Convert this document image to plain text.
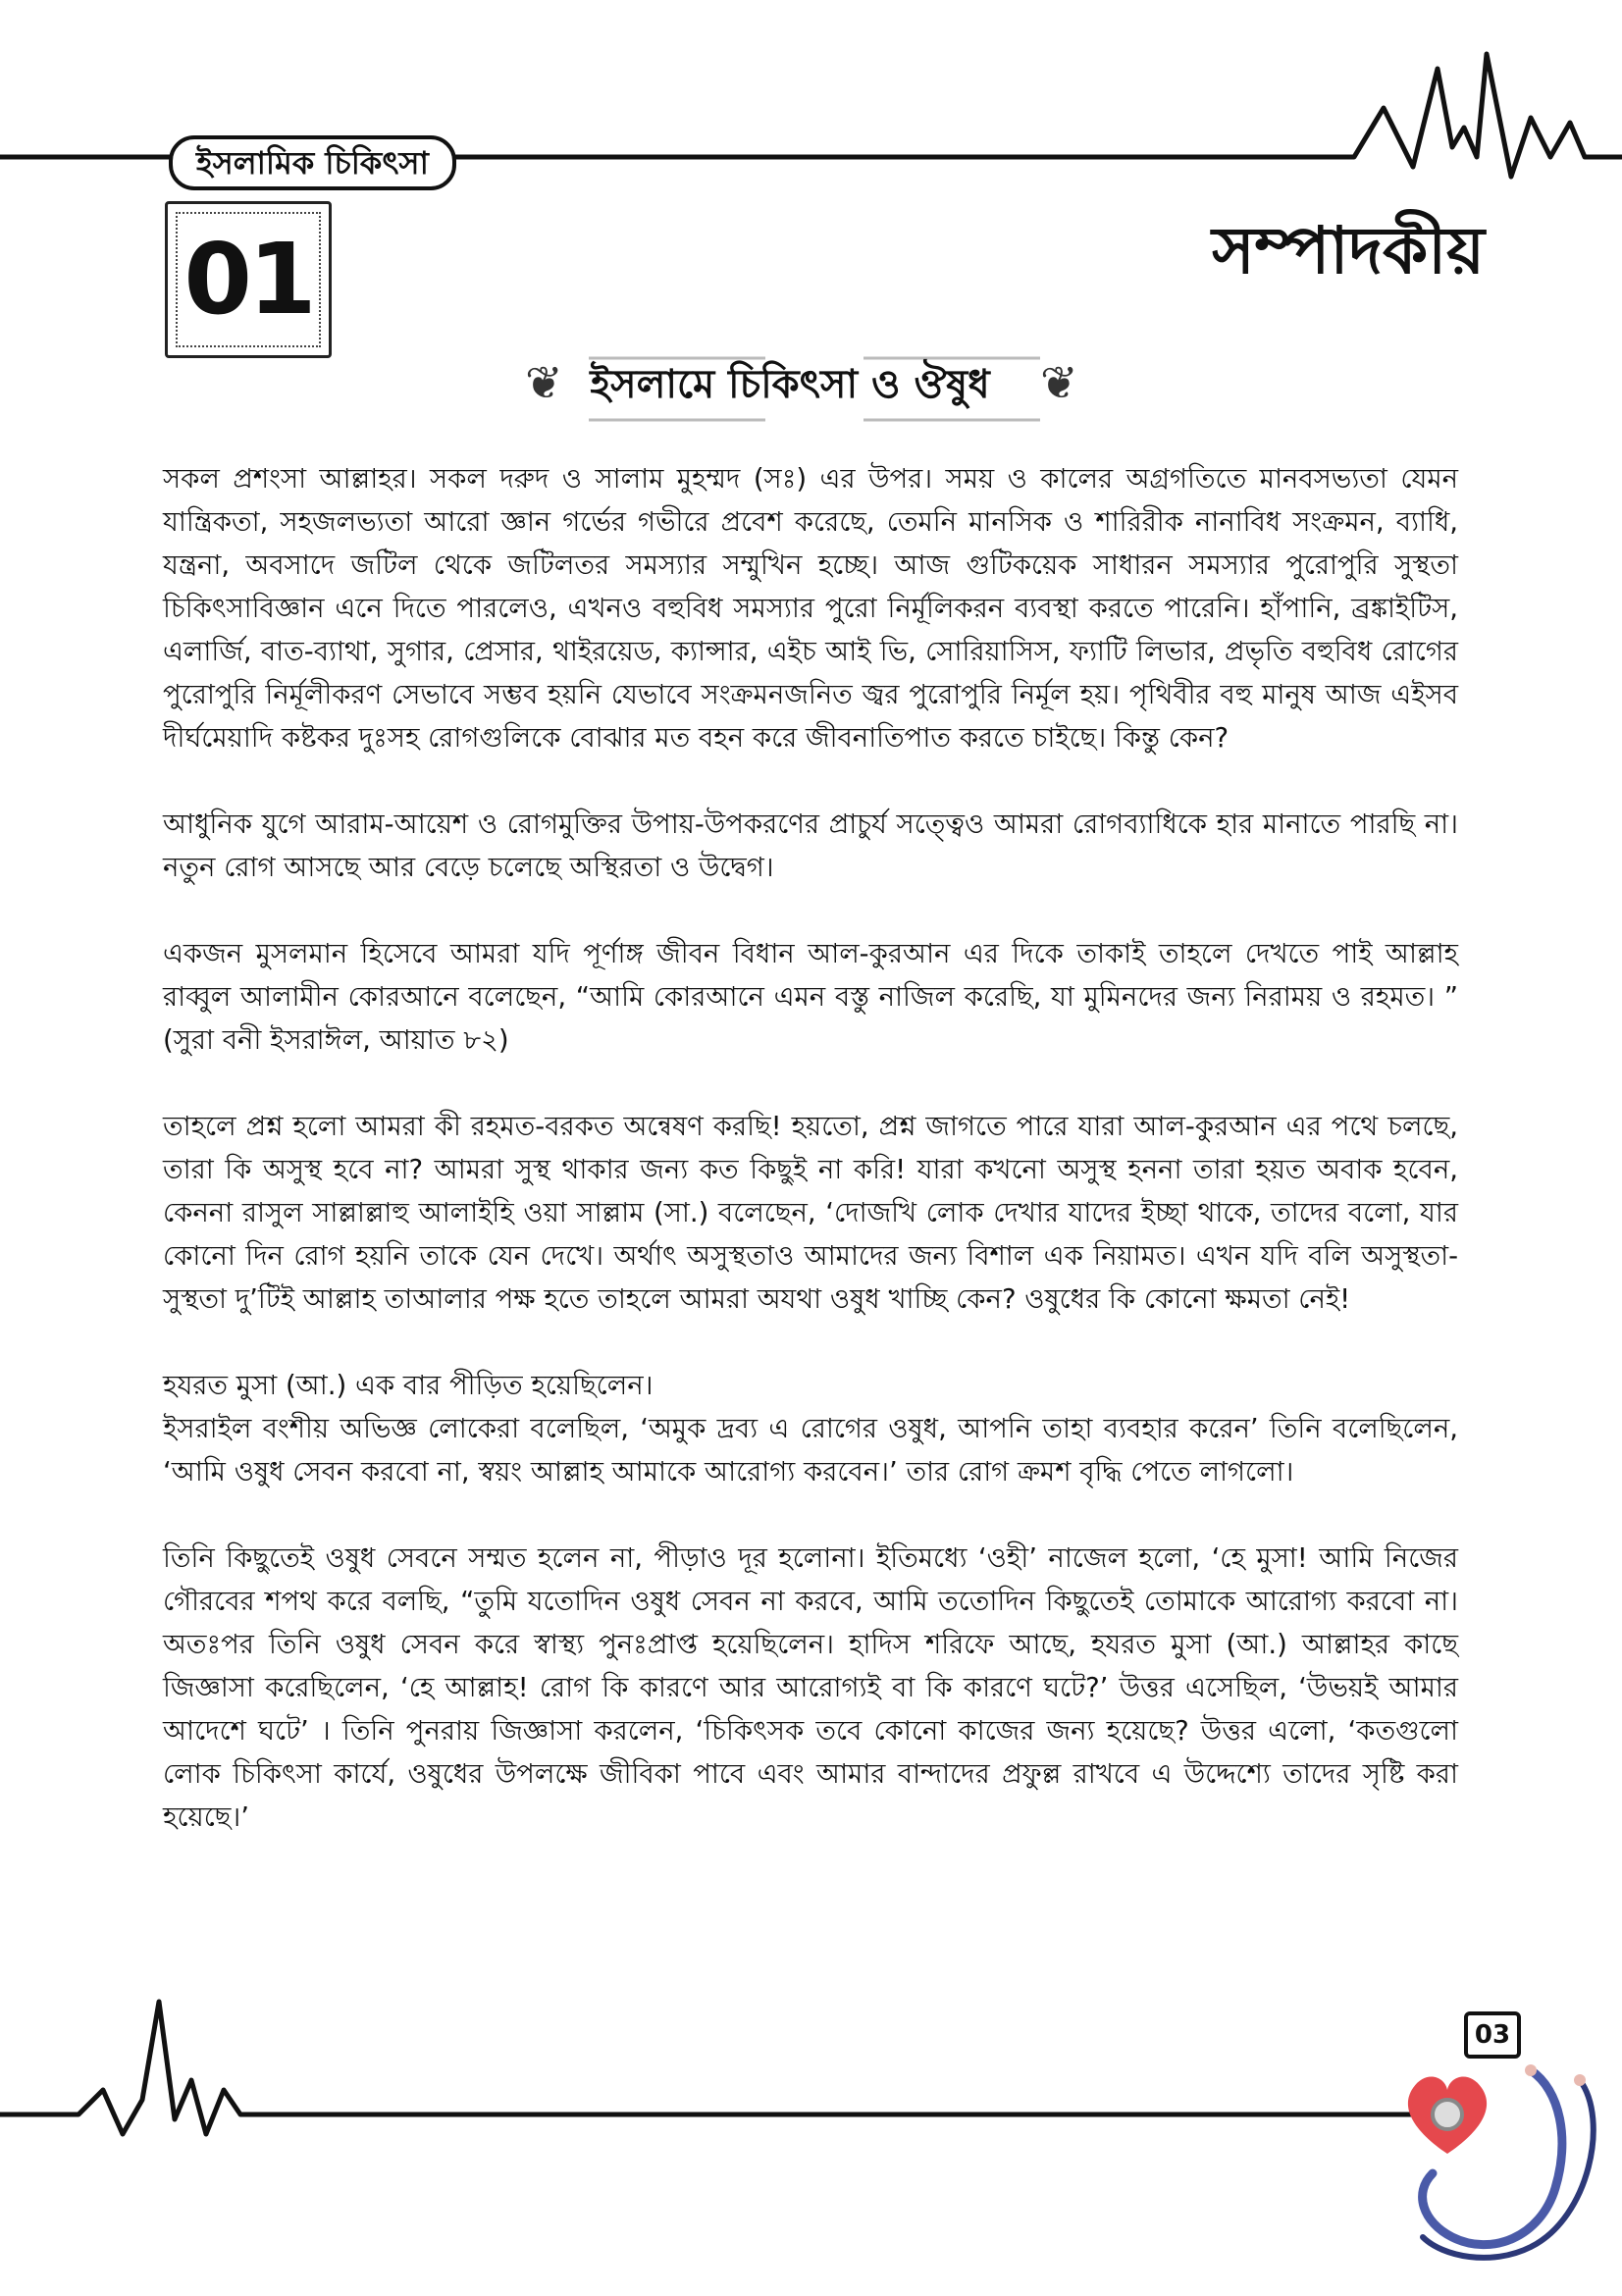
ইসলামিক চিকিৎসা
01	সম্পাদকীয়
❦ ইসলামে চিকিৎসা ও ঔষুধ	❦

সকল প্রশংসা আল্লাহর। সকল দরুদ ও সালাম মুহম্মদ (সঃ) এর উপর। সময় ও কালের অগ্রগতিতে মানবসভ্যতা যেমন যান্ত্রিকতা, সহজলভ্যতা আরো জ্ঞান গর্ভের গভীরে প্রবেশ করেছে, তেমনি মানসিক ও শারিরীক নানাবিধ সংক্রমন, ব্যাধি, যন্ত্রনা, অবসাদে জটিল থেকে জটিলতর সমস্যার সম্মুখিন হচ্ছে। আজ গুটিকয়েক সাধারন সমস্যার পুরোপুরি সুস্থতা চিকিৎসাবিজ্ঞান এনে দিতে পারলেও, এখনও বহুবিধ সমস্যার পুরো নির্মূলিকরন ব্যবস্থা করতে পারেনি। হাঁপানি, ব্রঙ্কাইটিস, এলার্জি, বাত-ব্যাথা, সুগার, প্রেসার, থাইরয়েড, ক্যান্সার, এইচ আই ভি, সোরিয়াসিস, ফ্যাটি লিভার, প্রভৃতি বহুবিধ রোগের পুরোপুরি নির্মূলীকরণ সেভাবে সম্ভব হয়নি যেভাবে সংক্রমনজনিত জ্বর পুরোপুরি নির্মূল হয়। পৃথিবীর বহু মানুষ আজ এইসব দীর্ঘমেয়াদি কষ্টকর দুঃসহ রোগগুলিকে বোঝার মত বহন করে জীবনাতিপাত করতে চাইছে। কিন্তু কেন?

আধুনিক যুগে আরাম-আয়েশ ও রোগমুক্তির উপায়-উপকরণের প্রাচুর্য সত্ত্বেও আমরা রোগব্যাধিকে হার মানাতে পারছি না। নতুন রোগ আসছে আর বেড়ে চলেছে অস্থিরতা ও উদ্বেগ।

একজন মুসলমান হিসেবে আমরা যদি পূর্ণাঙ্গ জীবন বিধান আল-কুরআন এর দিকে তাকাই তাহলে দেখতে পাই আল্লাহ রাব্বুল আলামীন কোরআনে বলেছেন, “আমি কোরআনে এমন বস্তু নাজিল করেছি, যা মুমিনদের জন্য নিরাময় ও রহমত। ” (সুরা বনী ইসরাঈল, আয়াত ৮২)

তাহলে প্রশ্ন হলো আমরা কী রহমত-বরকত অন্বেষণ করছি! হয়তো, প্রশ্ন জাগতে পারে যারা আল-কুরআন এর পথে চলছে, তারা কি অসুস্থ হবে না? আমরা সুস্থ থাকার জন্য কত কিছুই না করি! যারা কখনো অসুস্থ হননা তারা হয়ত অবাক হবেন, কেননা রাসুল সাল্লাল্লাহু আলাইহি ওয়া সাল্লাম (সা.) বলেছেন, ‘দোজখি লোক দেখার যাদের ইচ্ছা থাকে, তাদের বলো, যার কোনো দিন রোগ হয়নি তাকে যেন দেখে। অর্থাৎ অসুস্থতাও আমাদের জন্য বিশাল এক নিয়ামত। এখন যদি বলি অসুস্থতা-সুস্থতা দু’টিই আল্লাহ তাআলার পক্ষ হতে তাহলে আমরা অযথা ওষুধ খাচ্ছি কেন? ওষুধের কি কোনো ক্ষমতা নেই!

হযরত মুসা (আ.) এক বার পীড়িত হয়েছিলেন।
ইসরাইল বংশীয় অভিজ্ঞ লোকেরা বলেছিল, ‘অমুক দ্রব্য এ রোগের ওষুধ, আপনি তাহা ব্যবহার করেন’ তিনি বলেছিলেন, ‘আমি ওষুধ সেবন করবো না, স্বয়ং আল্লাহ আমাকে আরোগ্য করবেন।’ তার রোগ ক্রমশ বৃদ্ধি পেতে লাগলো।

তিনি কিছুতেই ওষুধ সেবনে সম্মত হলেন না, পীড়াও দূর হলোনা। ইতিমধ্যে ‘ওহী’ নাজেল হলো, ‘হে মুসা! আমি নিজের গৌরবের শপথ করে বলছি, “তুমি যতোদিন ওষুধ সেবন না করবে, আমি ততোদিন কিছুতেই তোমাকে আরোগ্য করবো না। অতঃপর তিনি ওষুধ সেবন করে স্বাস্থ্য পুনঃপ্রাপ্ত হয়েছিলেন। হাদিস শরিফে আছে, হযরত মুসা (আ.) আল্লাহর কাছে জিজ্ঞাসা করেছিলেন, ‘হে আল্লাহ! রোগ কি কারণে আর আরোগ্যই বা কি কারণে ঘটে?’ উত্তর এসেছিল, ‘উভয়ই আমার আদেশে ঘটে’ । তিনি পুনরায় জিজ্ঞাসা করলেন, ‘চিকিৎসক তবে কোনো কাজের জন্য হয়েছে? উত্তর এলো, ‘কতগুলো লোক চিকিৎসা কার্যে, ওষুধের উপলক্ষে জীবিকা পাবে এবং আমার বান্দাদের প্রফুল্ল রাখবে এ উদ্দেশ্যে তাদের সৃষ্টি করা হয়েছে।’

03
